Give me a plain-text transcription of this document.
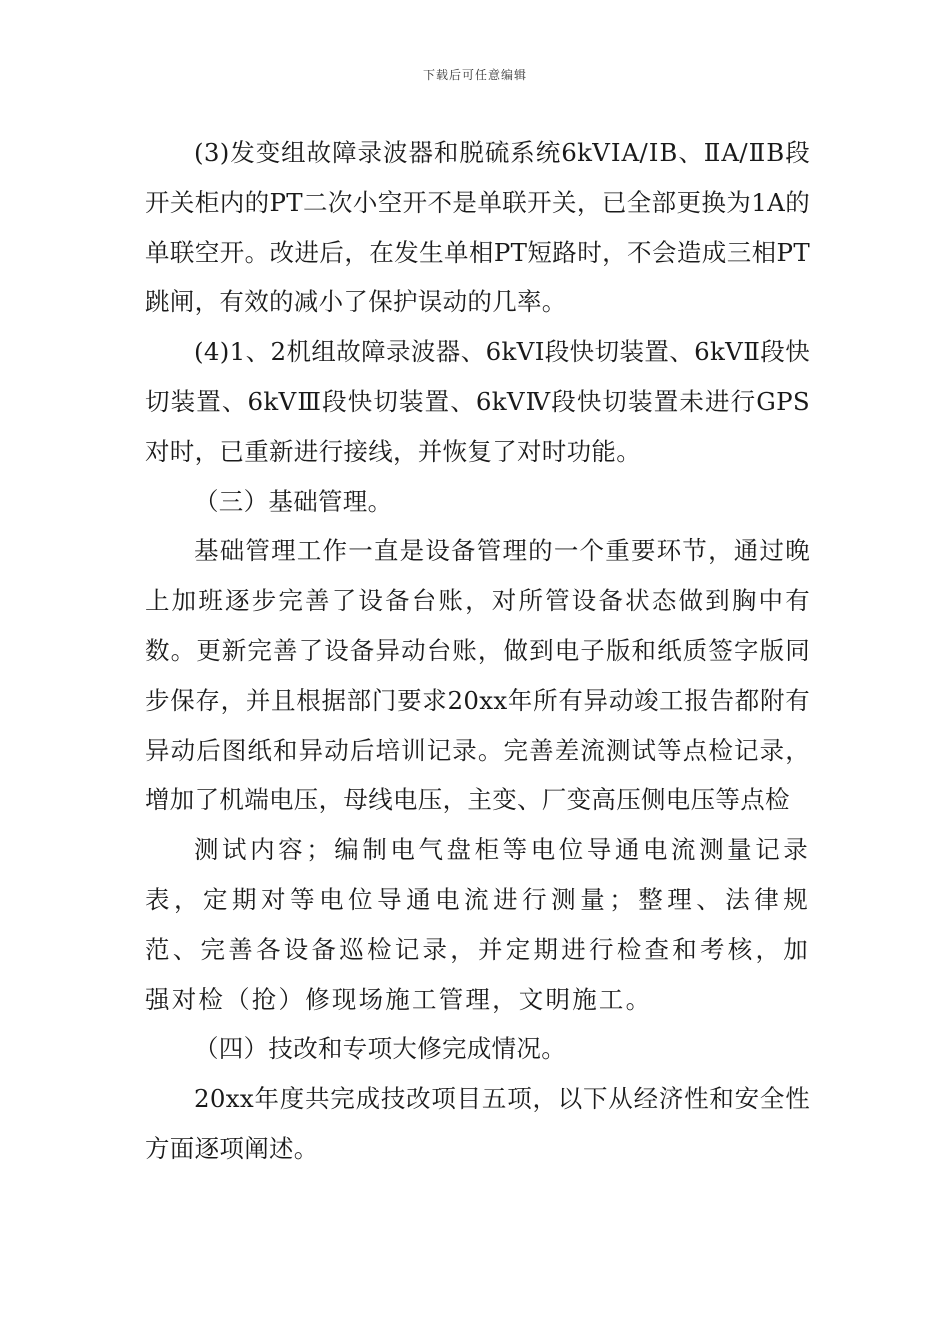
下载后可任意编辑

(3)发变组故障录波器和脱硫系统6kVⅠA/ⅠB、ⅡA/ⅡB段开关柜内的PT二次小空开不是单联开关，已全部更换为1A的单联空开。改进后，在发生单相PT短路时，不会造成三相PT跳闸，有效的减小了保护误动的几率。

(4)1、2机组故障录波器、6kVⅠ段快切装置、6kVⅡ段快切装置、6kVⅢ段快切装置、6kVⅣ段快切装置未进行GPS对时，已重新进行接线，并恢复了对时功能。

（三）基础管理。

基础管理工作一直是设备管理的一个重要环节，通过晚上加班逐步完善了设备台账，对所管设备状态做到胸中有数。更新完善了设备异动台账，做到电子版和纸质签字版同步保存，并且根据部门要求20xx年所有异动竣工报告都附有异动后图纸和异动后培训记录。完善差流测试等点检记录，增加了机端电压，母线电压，主变、厂变高压侧电压等点检

测试内容；编制电气盘柜等电位导通电流测量记录表，定期对等电位导通电流进行测量；整理、法律规范、完善各设备巡检记录，并定期进行检查和考核，加强对检（抢）修现场施工管理，文明施工。

（四）技改和专项大修完成情况。

20xx年度共完成技改项目五项，以下从经济性和安全性方面逐项阐述。
